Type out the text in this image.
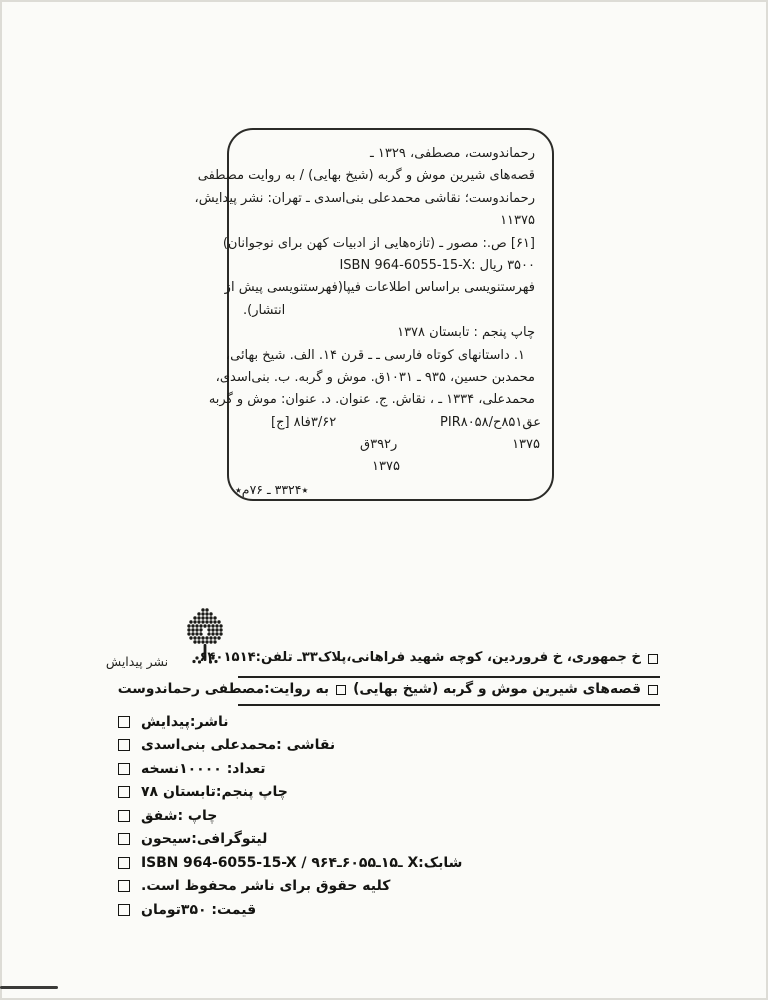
رحماندوست، مصطفی، ۱۳۲۹ ـ
قصه‌های شیرین موش و گربه (شیخ بهایی) / به روایت مصطفی
رحماندوست؛ نقاشی محمدعلی بنی‌اسدی ـ تهران: نشر پیدایش،
۱۱۳۷۵
[۶۱] ص.: مصور ـ (تازه‌هایی از ادبیات کهن برای نوجوانان)
۳۵۰۰ ریال :ISBN 964-6055-15-X
فهرستنویسی براساس اطلاعات فیپا(فهرستنویسی پیش از
انتشار).
چاپ پنجم : تابستان ۱۳۷۸
۱. داستانهای کوتاه فارسی ـ ـ قرن ۱۴. الف. شیخ بهائی،
محمدبن حسین، ۹۳۵ ـ ۱۰۳۱ق. موش و گربه. ب. بنی‌اسدی،
محمدعلی، ۱۳۳۴ ـ ، نقاش. ج. عنوان. د. عنوان: موش و گربه
۳/۶۲فا۸ [ج]	عق۸۵۱ح/PIR۸۰۵۸
ر۳۹۲ق	۱۳۷۵
۱۳۷۵
٭۳۳۲۴ ـ ۷۶م٭
نشر پیدایش	خ جمهوری، خ فروردین، کوچه شهید فراهانی،پلاک۳۳ـ تلفن:۶۴۰۱۵۱۴
قصه‌های شیرین موش و گربه (شیخ بهایی)
به روایت:مصطفی رحماندوست
ناشر:پیدایش
نقاشی :محمدعلی بنی‌اسدی
تعداد: ۱۰۰۰۰نسخه
چاپ پنجم:تابستان ۷۸
چاپ :شفق
لیتوگرافی:سیحون
شابک:X ـ۱۵ـ۶۰۵۵ـ۹۶۴ / ISBN 964-6055-15-X
کلیه حقوق برای ناشر محفوظ است.
قیمت: ۳۵۰تومان
